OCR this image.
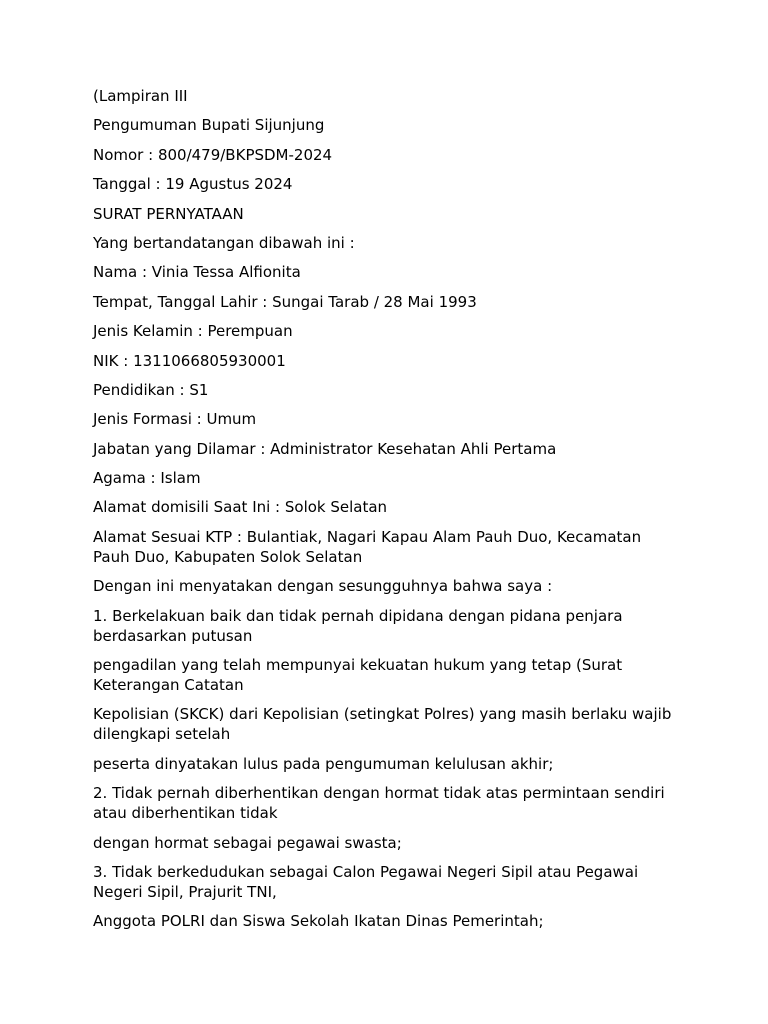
(Lampiran III

Pengumuman Bupati Sijunjung

Nomor : 800/479/BKPSDM-2024

Tanggal : 19 Agustus 2024

SURAT PERNYATAAN

Yang bertandatangan dibawah ini :

Nama : Vinia Tessa Alfionita

Tempat, Tanggal Lahir : Sungai Tarab / 28 Mai 1993

Jenis Kelamin : Perempuan

NIK : 1311066805930001

Pendidikan : S1

Jenis Formasi : Umum

Jabatan yang Dilamar : Administrator Kesehatan Ahli Pertama

Agama : Islam

Alamat domisili Saat Ini : Solok Selatan

Alamat Sesuai KTP : Bulantiak, Nagari Kapau Alam Pauh Duo, Kecamatan Pauh Duo, Kabupaten Solok Selatan

Dengan ini menyatakan dengan sesungguhnya bahwa saya :

1. Berkelakuan baik dan tidak pernah dipidana dengan pidana penjara berdasarkan putusan

pengadilan yang telah mempunyai kekuatan hukum yang tetap (Surat Keterangan Catatan

Kepolisian (SKCK) dari Kepolisian (setingkat Polres) yang masih berlaku wajib dilengkapi setelah

peserta dinyatakan lulus pada pengumuman kelulusan akhir;

2. Tidak pernah diberhentikan dengan hormat tidak atas permintaan sendiri atau diberhentikan tidak

dengan hormat sebagai pegawai swasta;

3. Tidak berkedudukan sebagai Calon Pegawai Negeri Sipil atau Pegawai Negeri Sipil, Prajurit TNI,

Anggota POLRI dan Siswa Sekolah Ikatan Dinas Pemerintah;
